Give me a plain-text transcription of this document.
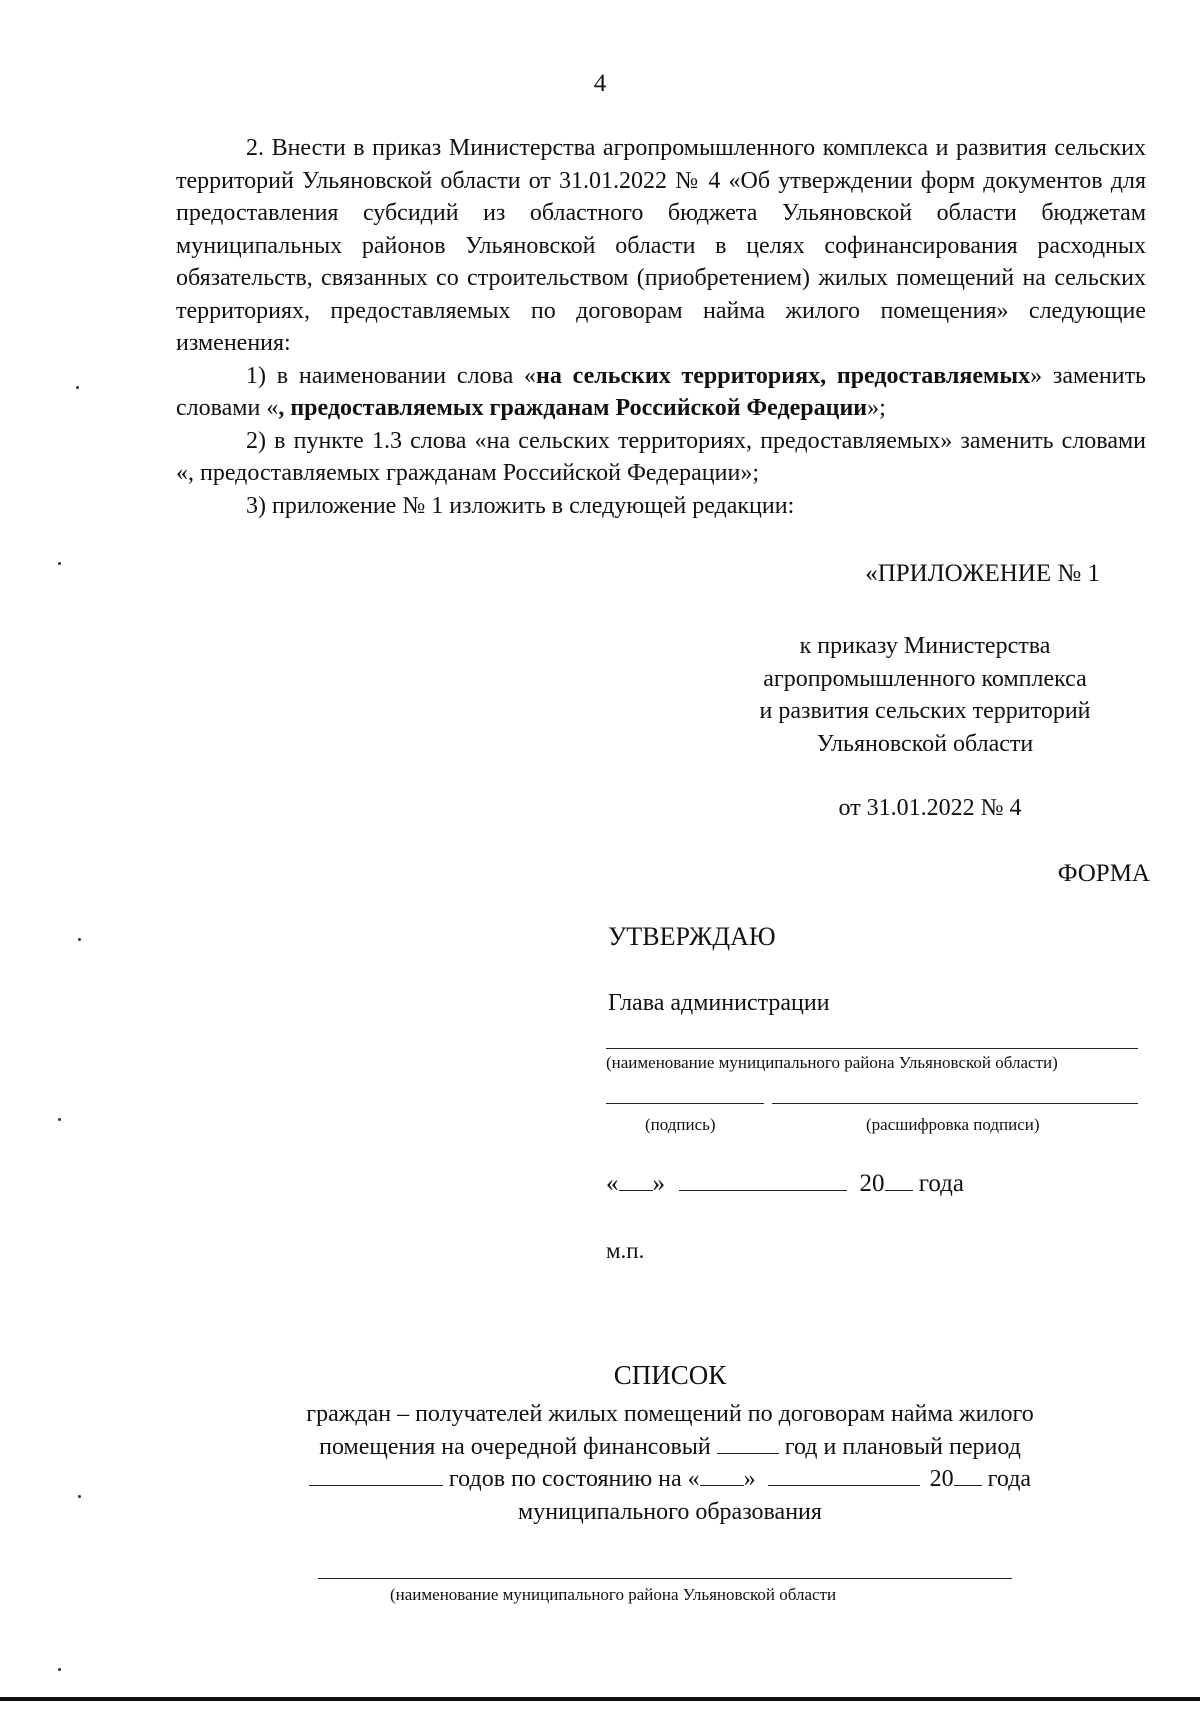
4

2. Внести в приказ Министерства агропромышленного комплекса и развития сельских территорий Ульяновской области от 31.01.2022 № 4 «Об утверждении форм документов для предоставления субсидий из областного бюджета Ульяновской области бюджетам муниципальных районов Ульяновской области в целях софинансирования расходных обязательств, связанных со строительством (приобретением) жилых помещений на сельских территориях, предоставляемых по договорам найма жилого помещения» следующие изменения:

1) в наименовании слова «на сельских территориях, предоставляемых» заменить словами «, предоставляемых гражданам Российской Федерации»;

2) в пункте 1.3 слова «на сельских территориях, предоставляемых» заменить словами «, предоставляемых гражданам Российской Федерации»;

3) приложение № 1 изложить в следующей редакции:

«ПРИЛОЖЕНИЕ № 1
к приказу Министерства
агропромышленного комплекса
и развития сельских территорий
Ульяновской области
от 31.01.2022 № 4
ФОРМА
УТВЕРЖДАЮ
Глава администрации
(наименование муниципального района Ульяновской области)
(подпись)	(расшифровка подписи)
« »	20 года
м.п.
СПИСОК
граждан – получателей жилых помещений по договорам найма жилого
помещения на очередной финансовый	год и плановый период
годов по состоянию на « »	20 года
муниципального образования
(наименование муниципального района Ульяновской области
